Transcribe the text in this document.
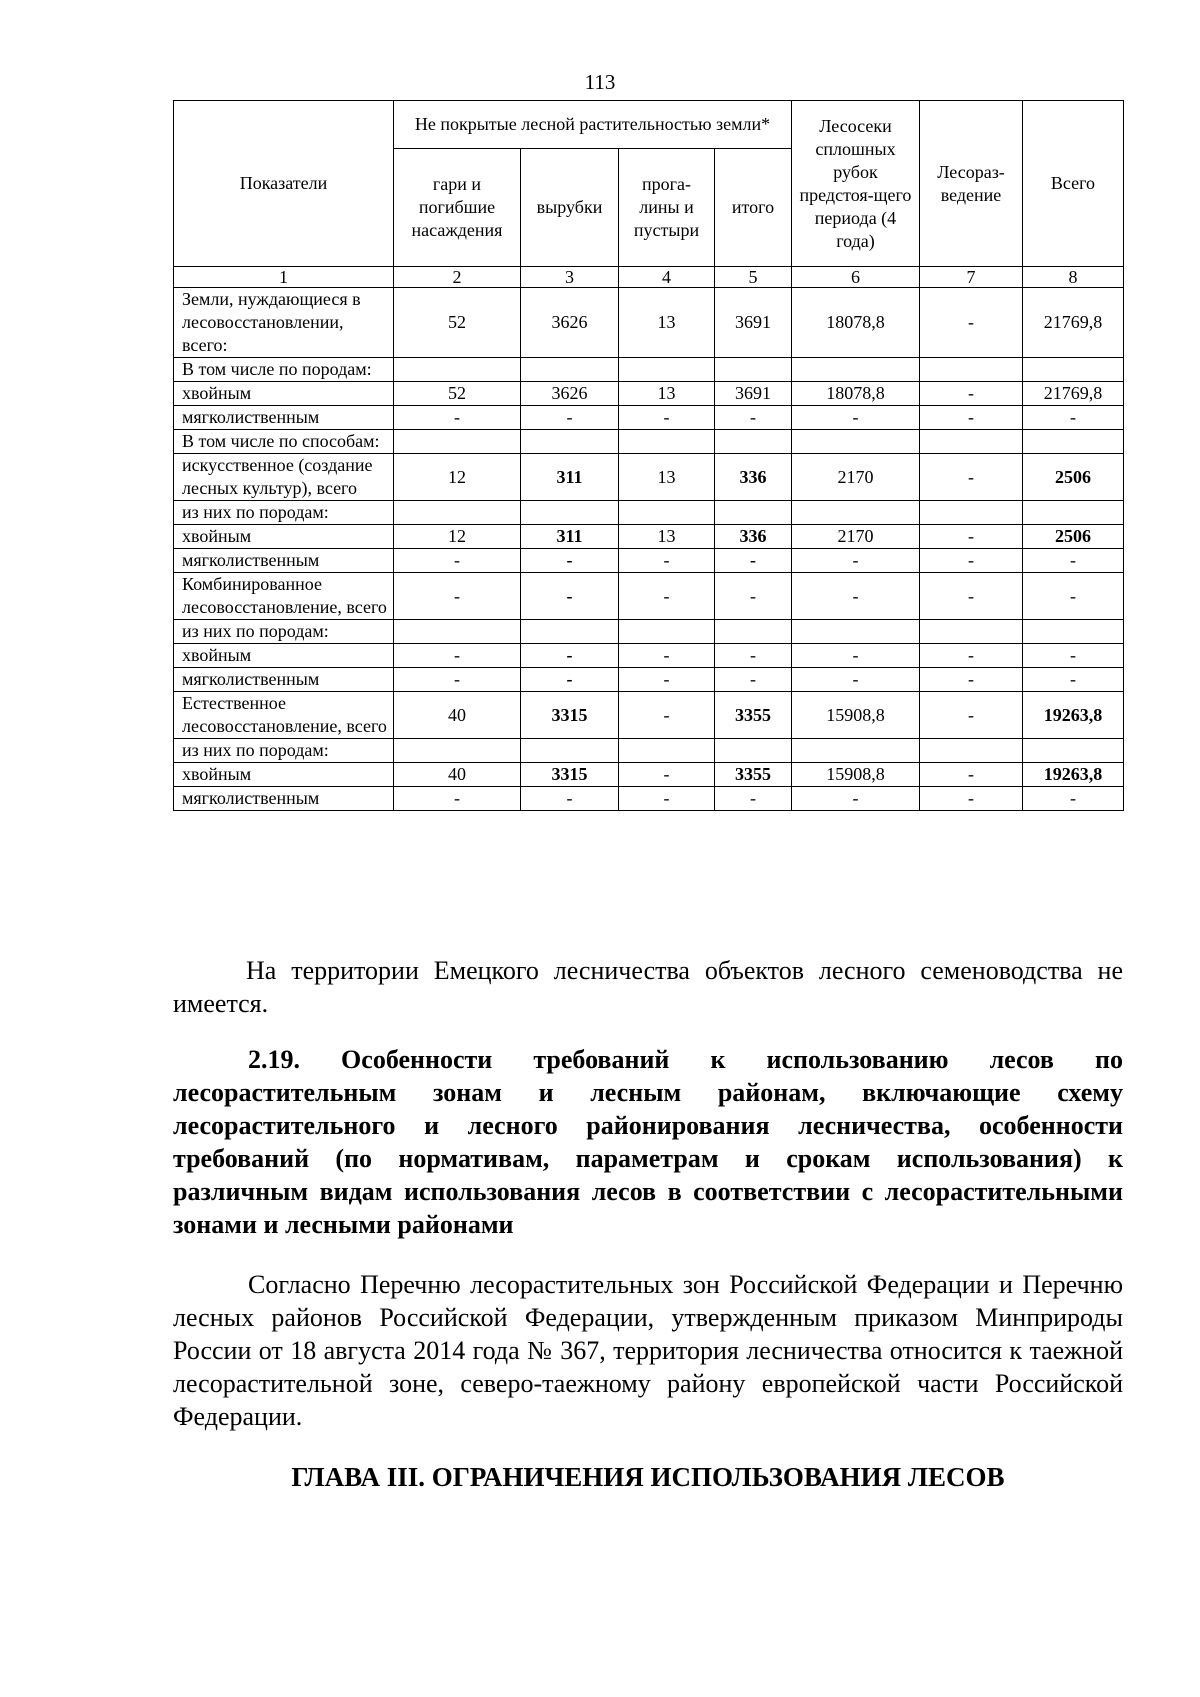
113
Показатели	Не покрытые лесной растительностью земли*				Лесосеки сплошных рубок предстоя-щего периода (4 года)	Лесораз-ведение	Всего
	гари и погибшие насаждения	вырубки	прога-лины и пустыри	итого			
1	2	3	4	5	6	7	8
Земли, нуждающиеся в лесовосстановлении, всего:	52	3626	13	3691	18078,8	-	21769,8
В том числе по породам:							
хвойным	52	3626	13	3691	18078,8	-	21769,8
мягколиственным	-	-	-	-	-	-	-
В том числе по способам:							
искусственное (создание лесных культур), всего	12	311	13	336	2170	-	2506
из них по породам:							
хвойным	12	311	13	336	2170	-	2506
мягколиственным	-	-	-	-	-	-	-
Комбинированное лесовосстановление, всего	-	-	-	-	-	-	-
из них по породам:							
хвойным	-	-	-	-	-	-	-
мягколиственным	-	-	-	-	-	-	-
Естественное лесовосстановление, всего	40	3315	-	3355	15908,8	-	19263,8
из них по породам:							
хвойным	40	3315	-	3355	15908,8	-	19263,8
мягколиственным	-	-	-	-	-	-	-

На территории Емецкого лесничества объектов лесного семеноводства не имеется.

2.19. Особенности требований к использованию лесов по лесорастительным зонам и лесным районам, включающие схему лесорастительного и лесного районирования лесничества, особенности требований (по нормативам, параметрам и срокам использования) к различным видам использования лесов в соответствии с лесорастительными зонами и лесными районами

Согласно Перечню лесорастительных зон Российской Федерации и Перечню лесных районов Российской Федерации, утвержденным приказом Минприроды России от 18 августа 2014 года № 367, территория лесничества относится к таежной лесорастительной зоне, северо-таежному району европейской части Российской Федерации.

ГЛАВА III. ОГРАНИЧЕНИЯ ИСПОЛЬЗОВАНИЯ ЛЕСОВ
